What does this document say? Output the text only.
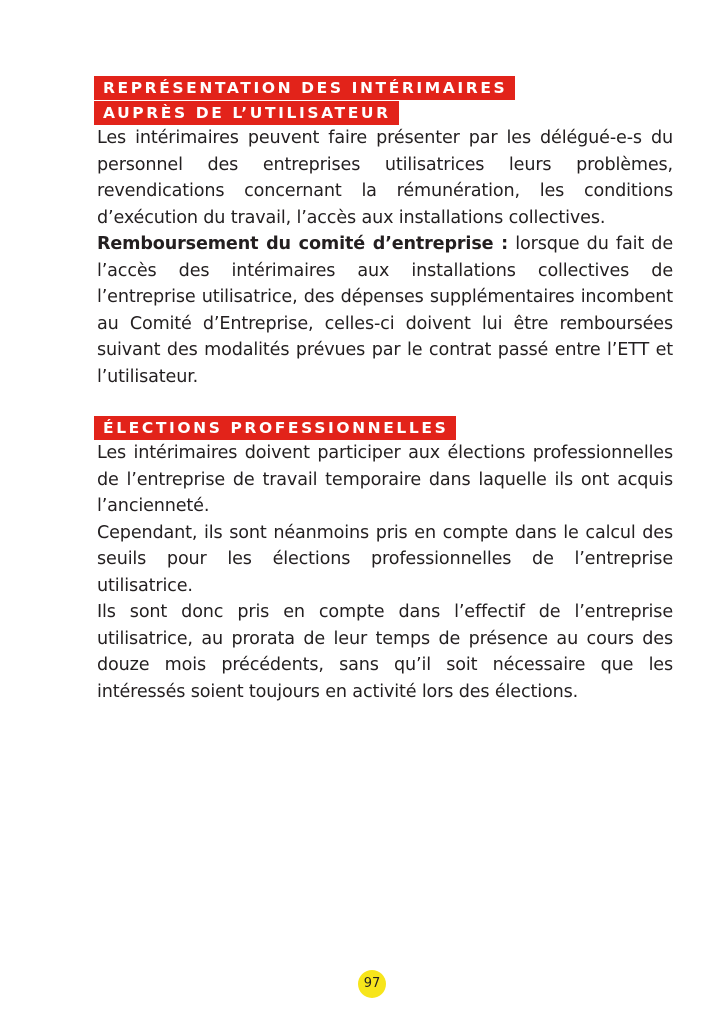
REPRÉSENTATION DES INTÉRIMAIRES
AUPRÈS DE L’UTILISATEUR

Les intérimaires peuvent faire présenter par les délégué-e-s du personnel des entreprises utilisatrices leurs problèmes, revendications concernant la rémunération, les conditions d’exécution du travail, l’accès aux installations collectives.

Remboursement du comité d’entreprise : lorsque du fait de l’accès des intérimaires aux installations collectives de l’entreprise utilisatrice, des dépenses supplémentaires incombent au Comité d’Entreprise, celles-ci doivent lui être remboursées suivant des modalités prévues par le contrat passé entre l’ETT et l’utilisateur.

ÉLECTIONS PROFESSIONNELLES

Les intérimaires doivent participer aux élections professionnelles de l’entreprise de travail temporaire dans laquelle ils ont acquis l’ancienneté.

Cependant, ils sont néanmoins pris en compte dans le calcul des seuils pour les élections professionnelles de l’entreprise utilisatrice.

Ils sont donc pris en compte dans l’effectif de l’entreprise utilisatrice, au prorata de leur temps de présence au cours des douze mois précédents, sans qu’il soit nécessaire que les intéressés soient toujours en activité lors des élections.

97
